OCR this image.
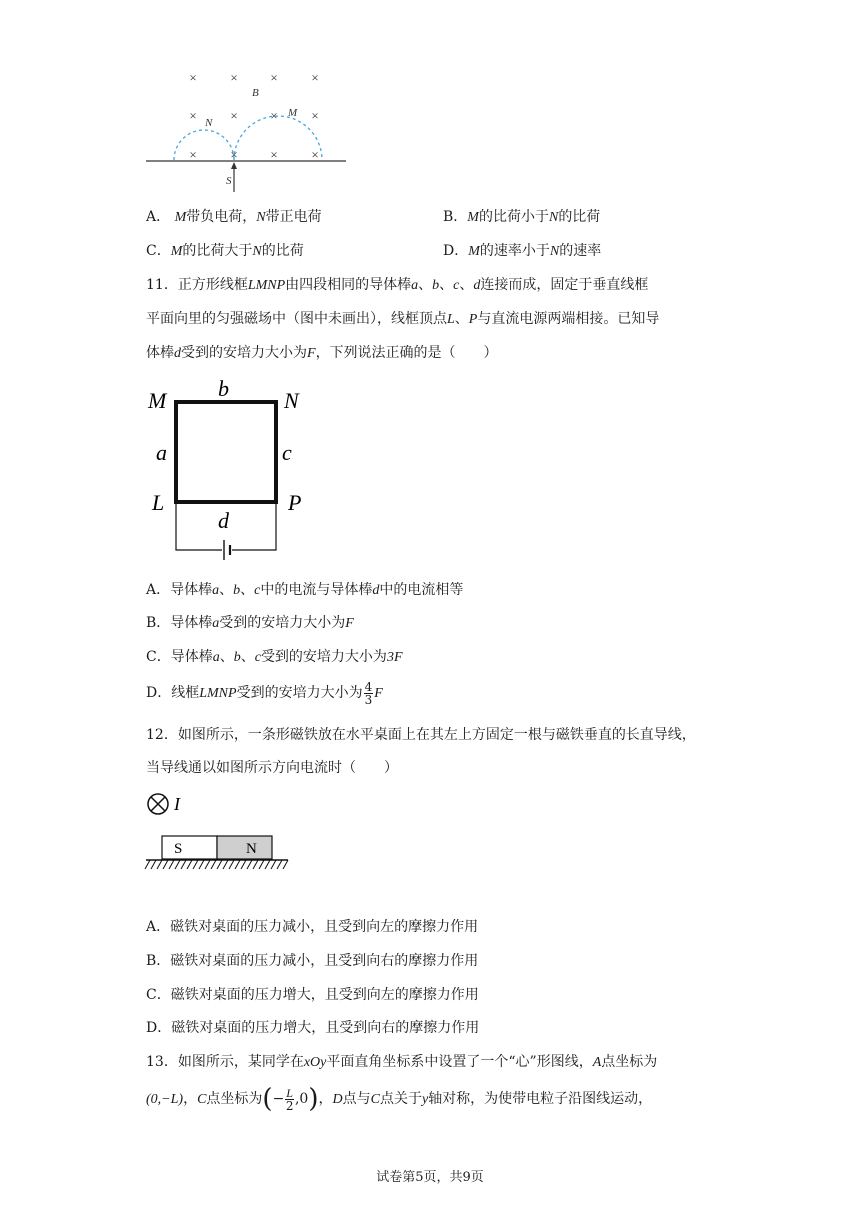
×	×	×	×
×	×	×	×
×	×	×	×
B
N
M
S
A． M带负电荷，N带正电荷	B．M的比荷小于N的比荷
C．M的比荷大于N的比荷	D．M的速率小于N的速率
11．正方形线框LMNP由四段相同的导体棒a、b、c、d连接而成，固定于垂直线框
平面向里的匀强磁场中（图中未画出），线框顶点L、P与直流电源两端相接。已知导
体棒d受到的安培力大小为F，下列说法正确的是（　　）
M	N
L	P
b
a	c
d
A．导体棒a、b、c中的电流与导体棒d中的电流相等
B．导体棒a受到的安培力大小为F
C．导体棒a、b、c受到的安培力大小为3F
D．线框LMNP受到的安培力大小为 $\frac{4}{3}$ F
12．如图所示，一条形磁铁放在水平桌面上在其左上方固定一根与磁铁垂直的长直导线，
当导线通以如图所示方向电流时（　　）
I
S	N
A．磁铁对桌面的压力减小，且受到向左的摩擦力作用
B．磁铁对桌面的压力减小，且受到向右的摩擦力作用
C．磁铁对桌面的压力增大，且受到向左的摩擦力作用
D．磁铁对桌面的压力增大，且受到向右的摩擦力作用
13．如图所示，某同学在xOy平面直角坐标系中设置了一个“心”形图线，A点坐标为
(0,−L)，C点坐标为(− $\frac{L}{2} ,0$)，D点与C点关于y轴对称，为使带电粒子沿图线运动，
试卷第5页，共9页
